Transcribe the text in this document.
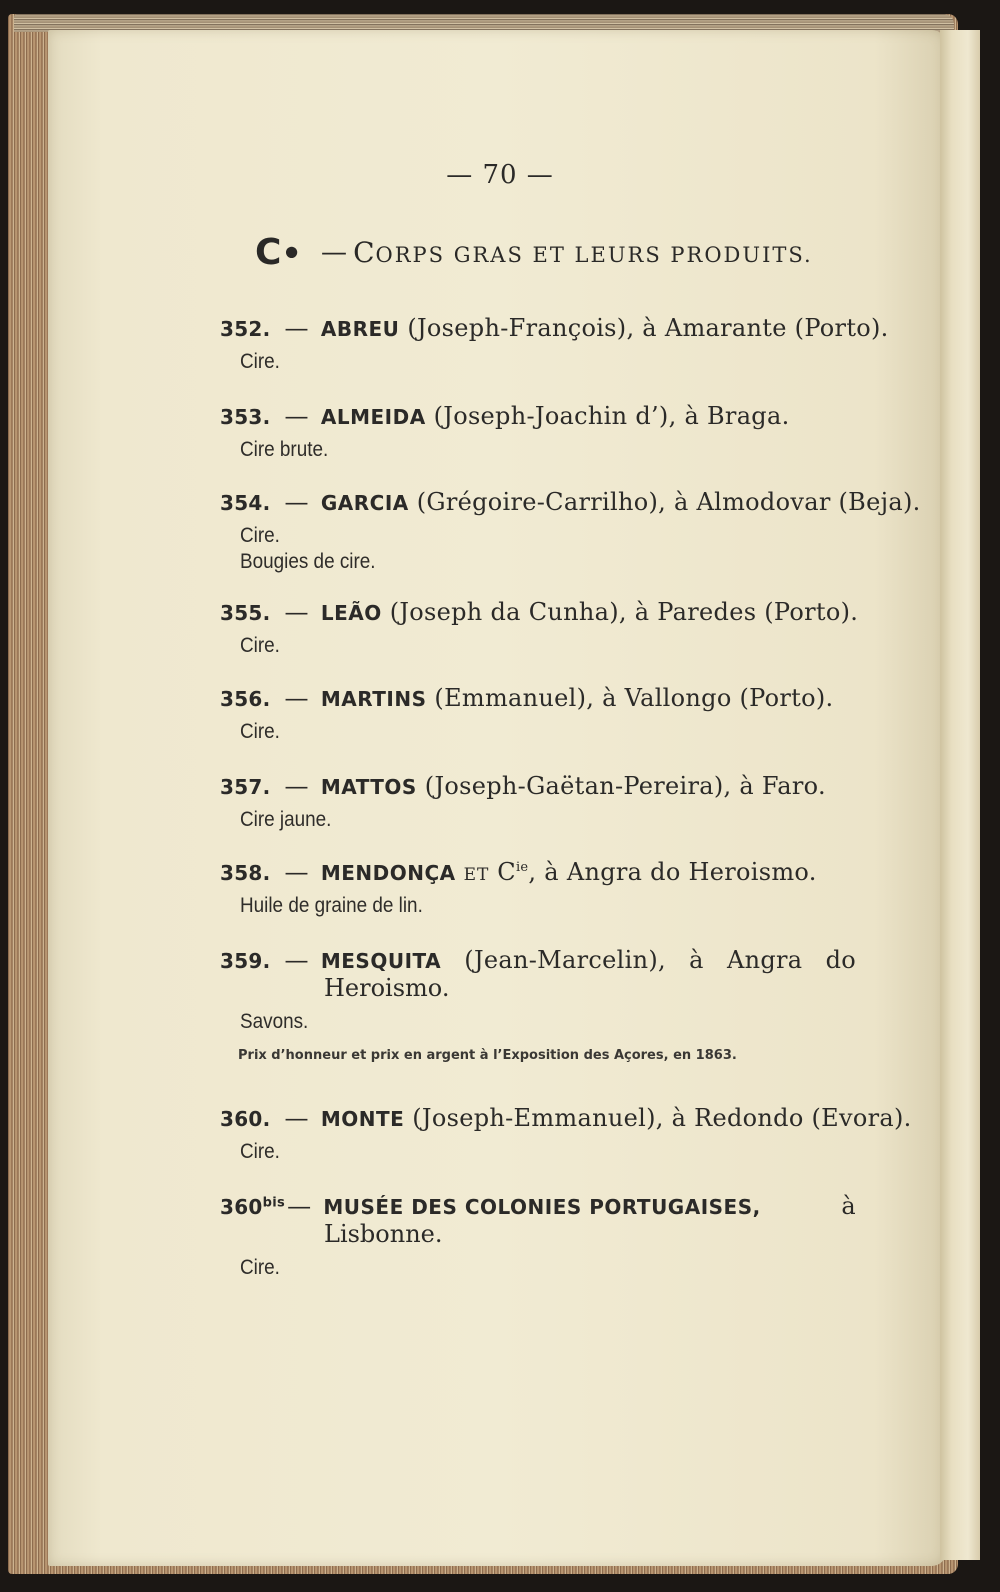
— 70 —
C• — CORPS GRAS ET LEURS PRODUITS.
352. — ABREU (Joseph-François), à Amarante (Porto).
Cire.
353. — ALMEIDA (Joseph-Joachin d’), à Braga.
Cire brute.
354. — GARCIA (Grégoire-Carrilho), à Almodovar (Beja).
Cire.
Bougies de cire.
355. — LEÃO (Joseph da Cunha), à Paredes (Porto).
Cire.
356. — MARTINS (Emmanuel), à Vallongo (Porto).
Cire.
357. — MATTOS (Joseph-Gaëtan-Pereira), à Faro.
Cire jaune.
358. — MENDONÇA ET $C^{ie}$, à Angra do Heroismo.
Huile de graine de lin.
359. — MESQUITA (Jean-Marcelin), à Angra do
Heroismo.
Savons.
Prix d’honneur et prix en argent à l’Exposition des Açores, en 1863.
360. — MONTE (Joseph-Emmanuel), à Redondo (Evora).
Cire.
$360^{bis}—$ MUSÉE DES COLONIES PORTUGAISES,	à
Lisbonne.
Cire.
